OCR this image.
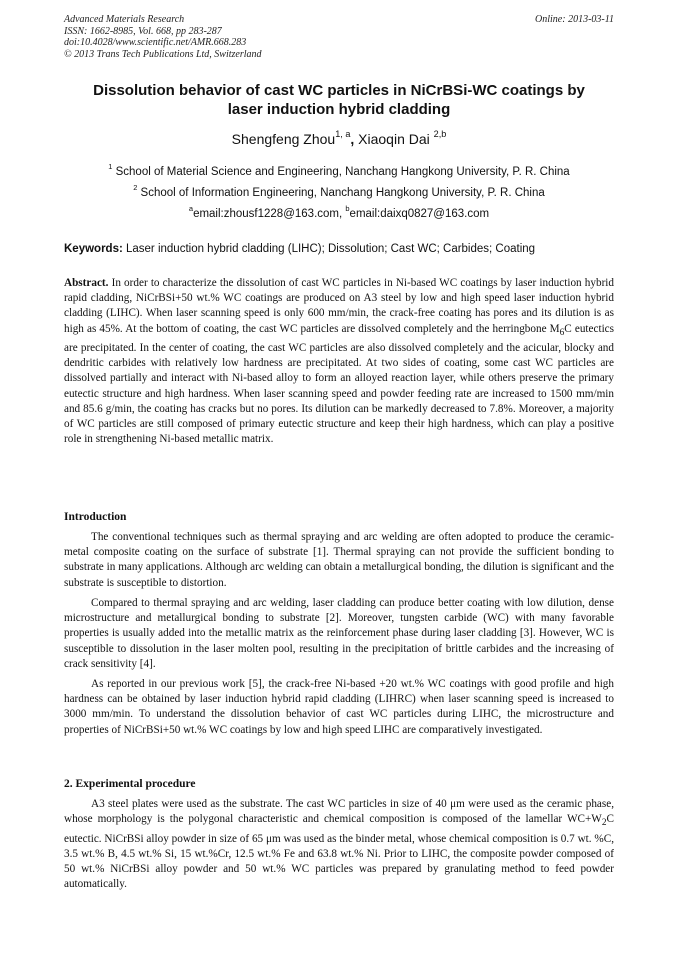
Advanced Materials Research
ISSN: 1662-8985, Vol. 668, pp 283-287
doi:10.4028/www.scientific.net/AMR.668.283
© 2013 Trans Tech Publications Ltd, Switzerland
Online: 2013-03-11
Dissolution behavior of cast WC particles in NiCrBSi-WC coatings by
laser induction hybrid cladding
Shengfeng Zhou$^{1, a}$, Xiaoqin Dai $^{2,b}$
$^1$ School of Material Science and Engineering, Nanchang Hangkong University, P. R. China
$^2$ School of Information Engineering, Nanchang Hangkong University, P. R. China
$^a$email:zhousf1228@163.com, $^b$email:daixq0827@163.com
Keywords: Laser induction hybrid cladding (LIHC); Dissolution; Cast WC; Carbides; Coating

Abstract. In order to characterize the dissolution of cast WC particles in Ni-based WC coatings by laser induction hybrid rapid cladding, NiCrBSi+50 wt.% WC coatings are produced on A3 steel by low and high speed laser induction hybrid cladding (LIHC). When laser scanning speed is only 600 mm/min, the crack-free coating has pores and its dilution is as high as 45%. At the bottom of coating, the cast WC particles are dissolved completely and the herringbone $M_6C$ eutectics are precipitated. In the center of coating, the cast WC particles are also dissolved completely and the acicular, blocky and dendritic carbides with relatively low hardness are precipitated. At two sides of coating, some cast WC particles are dissolved partially and interact with Ni-based alloy to form an alloyed reaction layer, while others preserve the primary eutectic structure and high hardness. When laser scanning speed and powder feeding rate are increased to 1500 mm/min and 85.6 g/min, the coating has cracks but no pores. Its dilution can be markedly decreased to 7.8%. Moreover, a majority of WC particles are still composed of primary eutectic structure and keep their high hardness, which can play a positive role in strengthening Ni-based metallic matrix.

Introduction

The conventional techniques such as thermal spraying and arc welding are often adopted to produce the ceramic-metal composite coating on the surface of substrate [1]. Thermal spraying can not provide the sufficient bonding to substrate in many applications. Although arc welding can obtain a metallurgical bonding, the dilution is significant and the substrate is susceptible to distortion.

Compared to thermal spraying and arc welding, laser cladding can produce better coating with low dilution, dense microstructure and metallurgical bonding to substrate [2]. Moreover, tungsten carbide (WC) with many favorable properties is usually added into the metallic matrix as the reinforcement phase during laser cladding [3]. However, WC is susceptible to dissolution in the laser molten pool, resulting in the precipitation of brittle carbides and the increasing of crack sensitivity [4].

As reported in our previous work [5], the crack-free Ni-based +20 wt.% WC coatings with good profile and high hardness can be obtained by laser induction hybrid rapid cladding (LIHRC) when laser scanning speed is increased to 3000 mm/min. To understand the dissolution behavior of cast WC particles during LIHC, the microstructure and properties of NiCrBSi+50 wt.% WC coatings by low and high speed LIHC are comparatively investigated.

2. Experimental procedure

A3 steel plates were used as the substrate. The cast WC particles in size of 40 μm were used as the ceramic phase, whose morphology is the polygonal characteristic and chemical composition is composed of the lamellar $WC+W_2C$ eutectic. NiCrBSi alloy powder in size of 65 μm was used as the binder metal, whose chemical composition is 0.7 wt. %C, 3.5 wt.% B, 4.5 wt.% Si, 15 wt.%Cr, 12.5 wt.% Fe and 63.8 wt.% Ni. Prior to LIHC, the composite powder composed of 50 wt.% NiCrBSi alloy powder and 50 wt.% WC particles was prepared by granulating method to feed powder automatically.
